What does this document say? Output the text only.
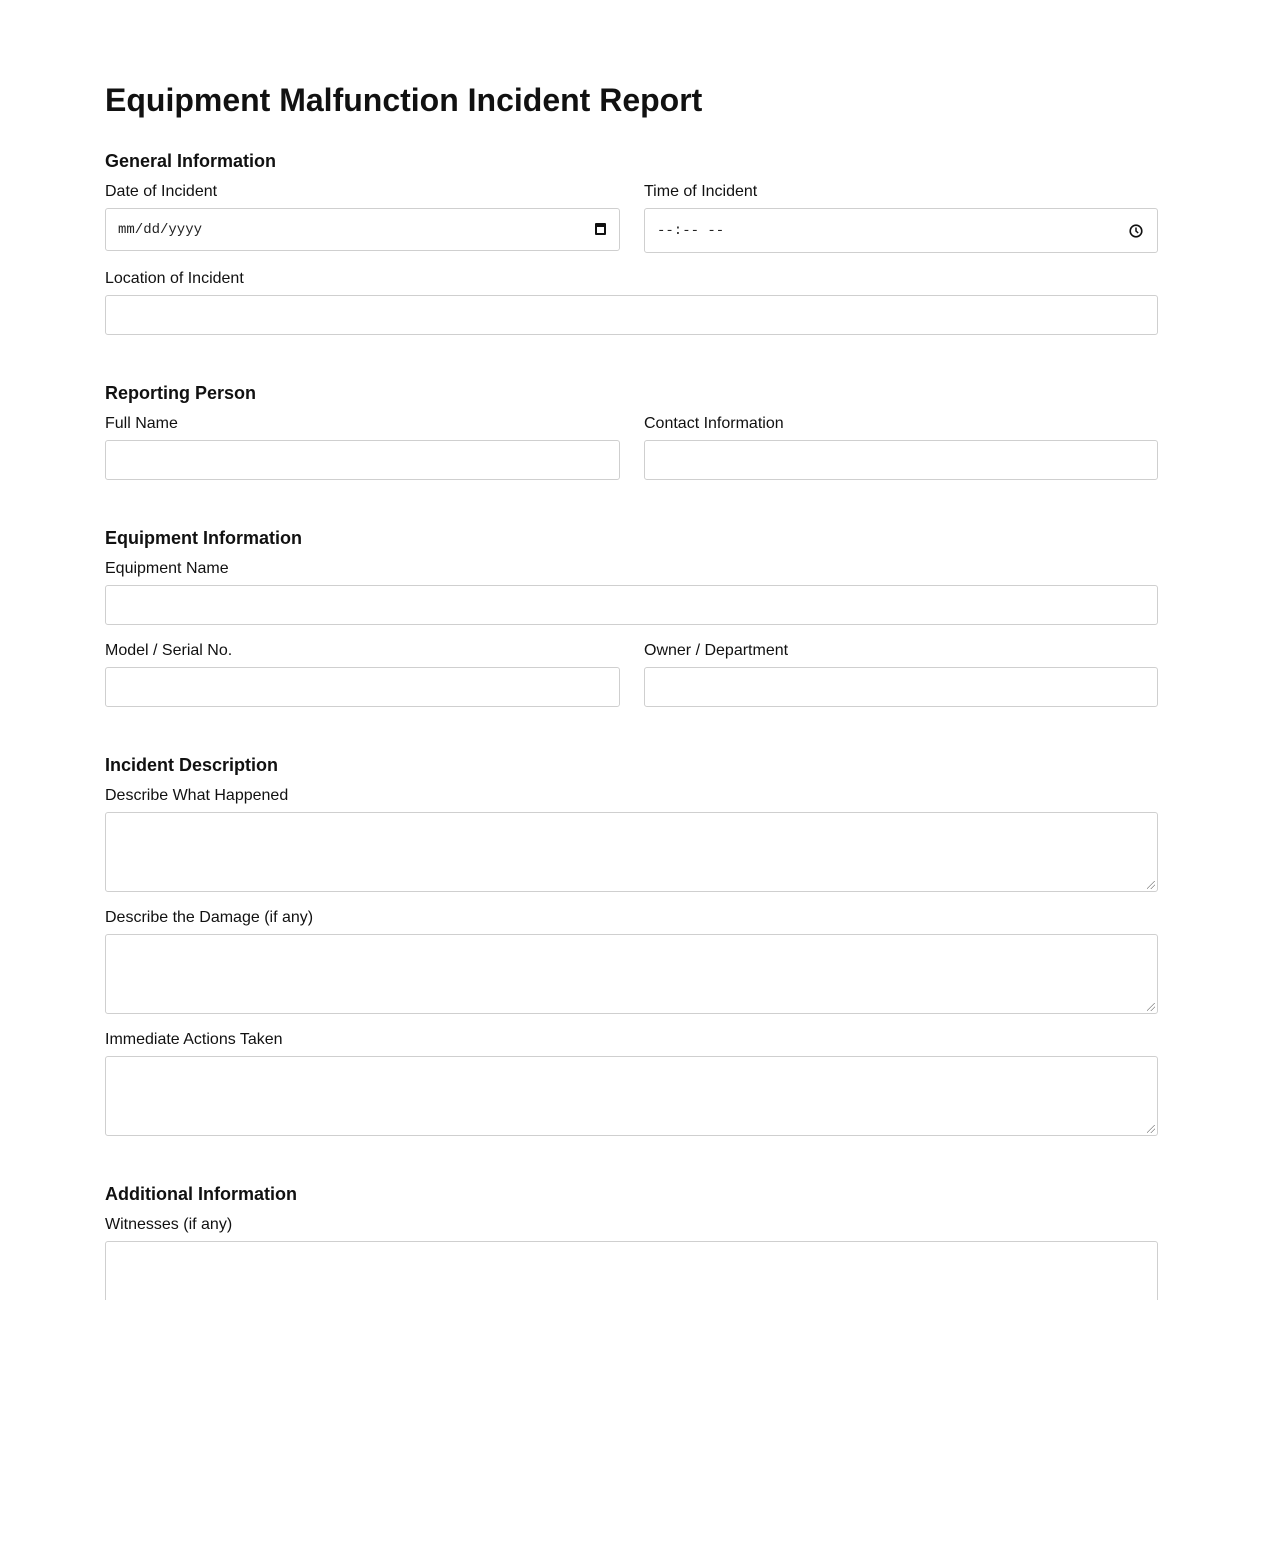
Equipment Malfunction Incident Report
General Information
Date of Incident
mm/dd/yyyy
Time of Incident
--:-- --
Location of Incident
Reporting Person
Full Name	Contact Information
Equipment Information
Equipment Name
Model / Serial No.	Owner / Department
Incident Description
Describe What Happened
Describe the Damage (if any)
Immediate Actions Taken
Additional Information
Witnesses (if any)
